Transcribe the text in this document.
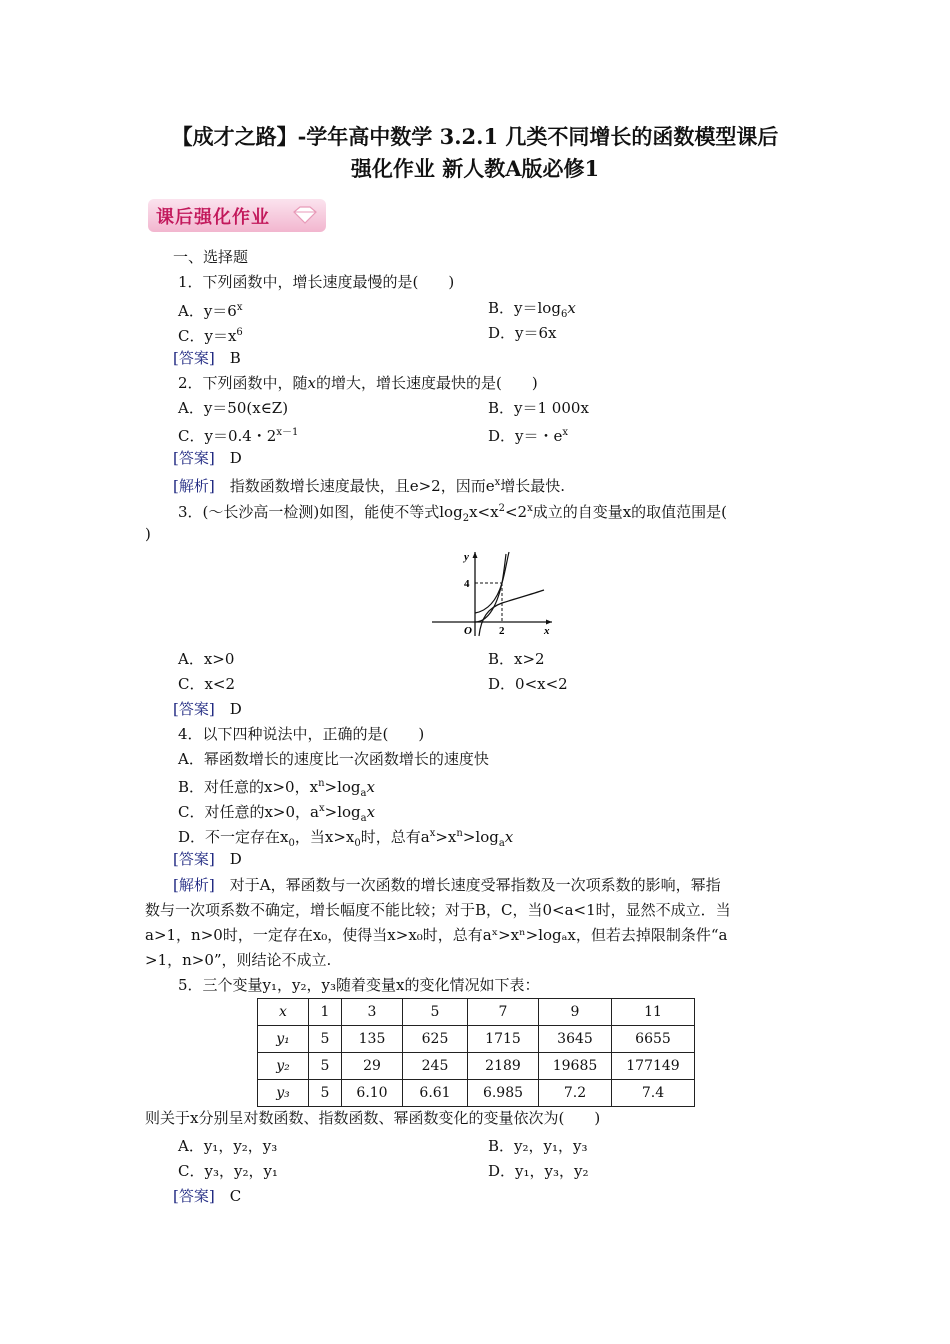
【成才之路】-学年高中数学 3.2.1 几类不同增长的函数模型课后
强化作业 新人教A版必修1
课后强化作业
一、选择题
1．下列函数中，增长速度最慢的是(　　)
A．$y=6^x$	B．$y=\log_6x$
C．$y=x^6$	D．y＝6x
[答案]　 B
2．下列函数中，随x的增大，增长速度最快的是(　　)
A．y＝50(x∈Z)	B．y＝1 000x
C．y＝0.4・$2^{x-1}$	D．y＝・$e^x$
[答案]　 D
[解析]　 指数函数增长速度最快，且e>2，因而$e^x$增长最快.
3．(～长沙高一检测)如图，能使不等式$\log_2x<x^2<2^x$成立的自变量x的取值范围是(
)
y
x
O
4
2
A．x>0	B．x>2
C．x<2	D．0<x<2
[答案]　 D
4．以下四种说法中，正确的是(　　)
A．幂函数增长的速度比一次函数增长的速度快
B．对任意的x>0，$x^n>\log_ax$
C．对任意的x>0，$a^x>\log_ax$
D．不一定存在$x_0$，当$x>x_0$时，总有$a^x>x^n>\log_ax$
[答案]　 D
[解析]　 对于A，幂函数与一次函数的增长速度受幂指数及一次项系数的影响，幂指
数与一次项系数不确定，增长幅度不能比较；对于B，C，当0<a<1时，显然不成立．当
a>1，n>0时，一定存在x₀，使得当x>x₀时，总有aˣ>xⁿ>logₐx，但若去掉限制条件“a
>1，n>0”，则结论不成立.
5．三个变量y₁，y₂，y₃随着变量x的变化情况如下表：
x	1	3	5	7	9	11
y₁	5	135	625	1715	3645	6655
y₂	5	29	245	2189	19685	177149
y₃	5	6.10	6.61	6.985	7.2	7.4
则关于x分别呈对数函数、指数函数、幂函数变化的变量依次为(　　)
A．y₁，y₂，y₃	B．y₂，y₁，y₃
C．y₃，y₂，y₁	D．y₁，y₃，y₂
[答案]　 C
